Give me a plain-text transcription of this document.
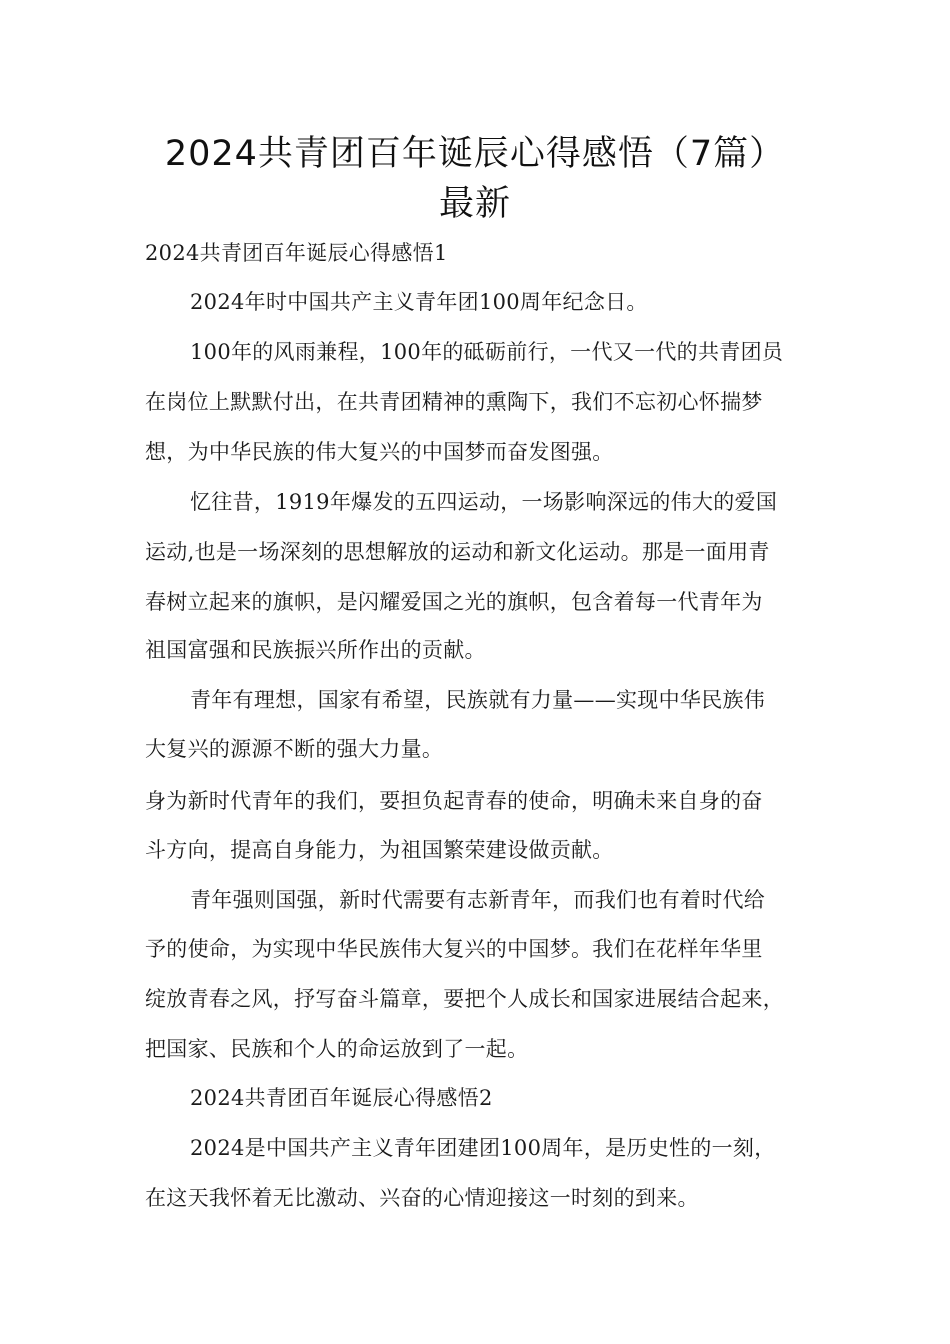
2024共青团百年诞辰心得感悟（7篇）
最新
2024共青团百年诞辰心得感悟1
2024年时中国共产主义青年团100周年纪念日。
100年的风雨兼程，100年的砥砺前行，一代又一代的共青团员
在岗位上默默付出，在共青团精神的熏陶下，我们不忘初心怀揣梦
想，为中华民族的伟大复兴的中国梦而奋发图强。
忆往昔，1919年爆发的五四运动，一场影响深远的伟大的爱国
运动,也是一场深刻的思想解放的运动和新文化运动。那是一面用青
春树立起来的旗帜，是闪耀爱国之光的旗帜，包含着每一代青年为
祖国富强和民族振兴所作出的贡献。
青年有理想，国家有希望，民族就有力量——实现中华民族伟
大复兴的源源不断的强大力量。
身为新时代青年的我们，要担负起青春的使命，明确未来自身的奋
斗方向，提高自身能力，为祖国繁荣建设做贡献。
青年强则国强，新时代需要有志新青年，而我们也有着时代给
予的使命，为实现中华民族伟大复兴的中国梦。我们在花样年华里
绽放青春之风，抒写奋斗篇章，要把个人成长和国家进展结合起来，
把国家、民族和个人的命运放到了一起。
2024共青团百年诞辰心得感悟2
2024是中国共产主义青年团建团100周年，是历史性的一刻，
在这天我怀着无比激动、兴奋的心情迎接这一时刻的到来。
